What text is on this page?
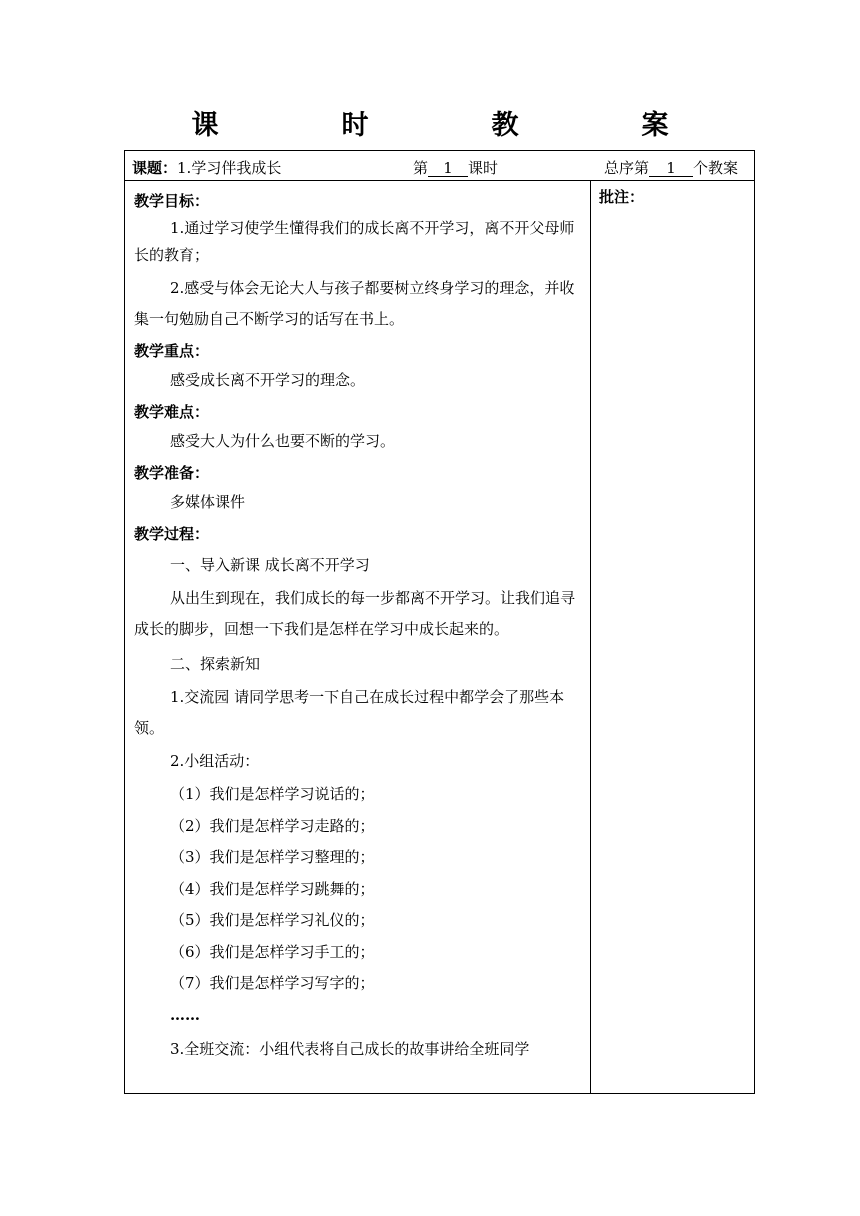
课　时　教　案
课题：1.学习伴我成长	第 1 课时	总序第 1 个教案
批注：

教学目标：

1.通过学习使学生懂得我们的成长离不开学习，离不开父母师长的教育；

2.感受与体会无论大人与孩子都要树立终身学习的理念，并收集一句勉励自己不断学习的话写在书上。

教学重点：

感受成长离不开学习的理念。

教学难点：

感受大人为什么也要不断的学习。

教学准备：

多媒体课件

教学过程：

一、导入新课 成长离不开学习

从出生到现在，我们成长的每一步都离不开学习。让我们追寻成长的脚步，回想一下我们是怎样在学习中成长起来的。

二、探索新知

1.交流园 请同学思考一下自己在成长过程中都学会了那些本领。

2.小组活动：

（1）我们是怎样学习说话的；

（2）我们是怎样学习走路的；

（3）我们是怎样学习整理的；

（4）我们是怎样学习跳舞的；

（5）我们是怎样学习礼仪的；

（6）我们是怎样学习手工的；

（7）我们是怎样学习写字的；

……

3.全班交流：小组代表将自己成长的故事讲给全班同学
